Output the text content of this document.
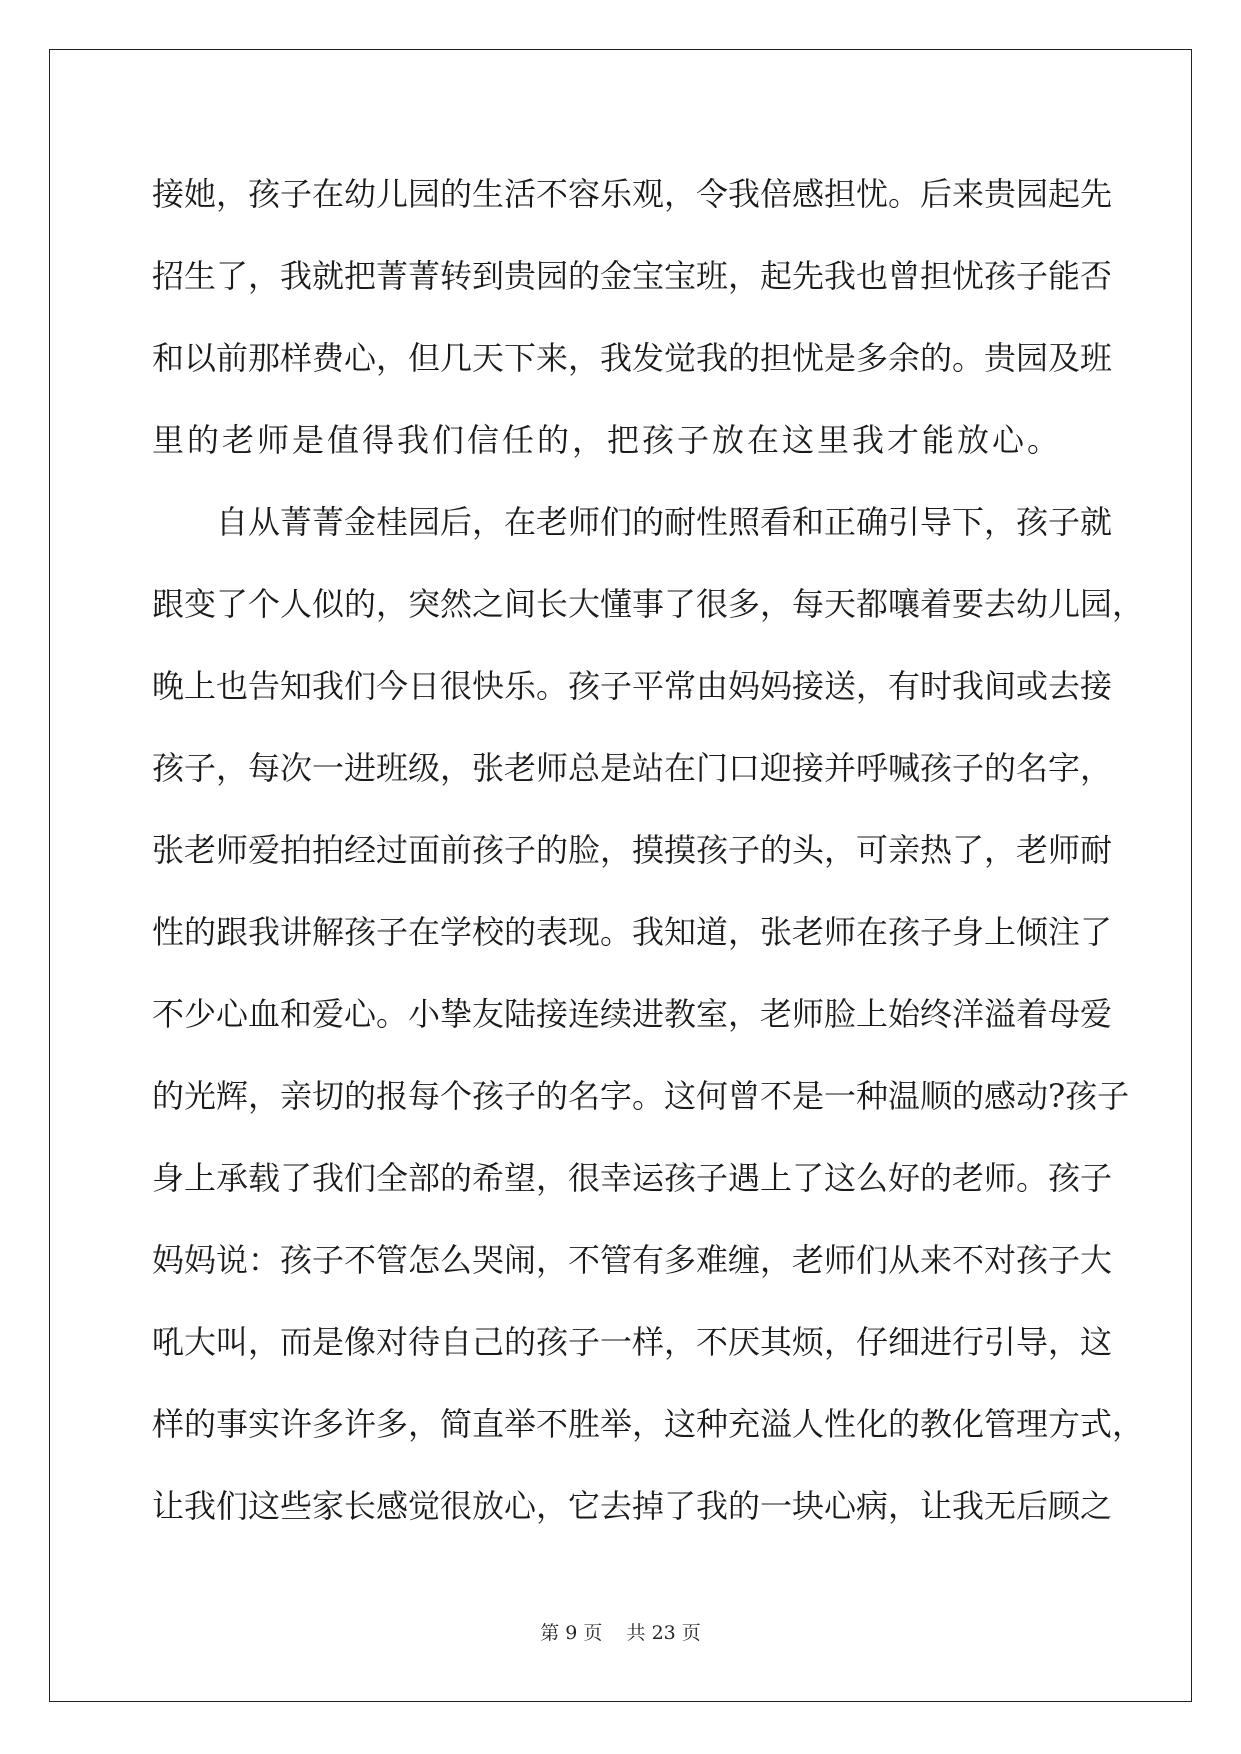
接她，孩子在幼儿园的生活不容乐观，令我倍感担忧。后来贵园起先
招生了，我就把菁菁转到贵园的金宝宝班，起先我也曾担忧孩子能否
和以前那样费心，但几天下来，我发觉我的担忧是多余的。贵园及班
里的老师是值得我们信任的，把孩子放在这里我才能放心。
自从菁菁金桂园后，在老师们的耐性照看和正确引导下，孩子就
跟变了个人似的，突然之间长大懂事了很多，每天都嚷着要去幼儿园，
晚上也告知我们今日很快乐。孩子平常由妈妈接送，有时我间或去接
孩子，每次一进班级，张老师总是站在门口迎接并呼喊孩子的名字，
张老师爱拍拍经过面前孩子的脸，摸摸孩子的头，可亲热了，老师耐
性的跟我讲解孩子在学校的表现。我知道，张老师在孩子身上倾注了
不少心血和爱心。小挚友陆接连续进教室，老师脸上始终洋溢着母爱
的光辉，亲切的报每个孩子的名字。这何曾不是一种温顺的感动?孩子
身上承载了我们全部的希望，很幸运孩子遇上了这么好的老师。孩子
妈妈说：孩子不管怎么哭闹，不管有多难缠，老师们从来不对孩子大
吼大叫，而是像对待自己的孩子一样，不厌其烦，仔细进行引导，这
样的事实许多许多，简直举不胜举，这种充溢人性化的教化管理方式，
让我们这些家长感觉很放心，它去掉了我的一块心病，让我无后顾之
第 9 页    共 23 页
